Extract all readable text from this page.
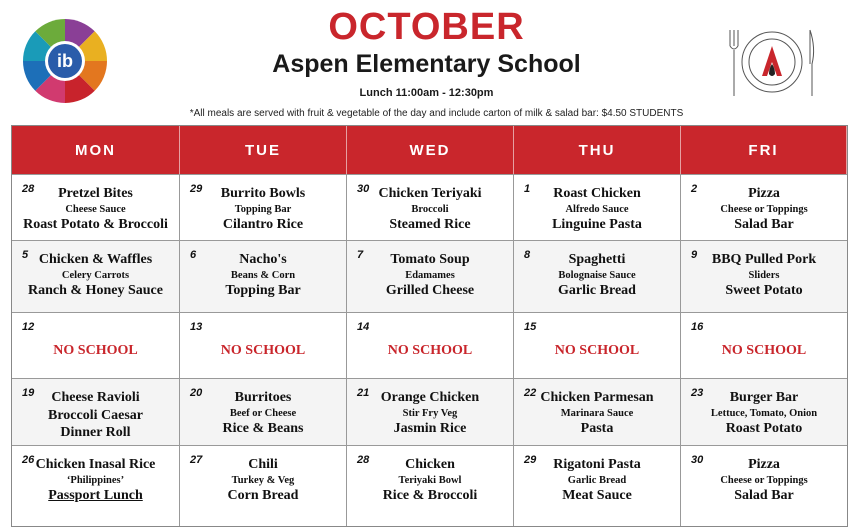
ib
OCTOBER
Aspen Elementary School
Lunch 11:00am - 12:30pm
*All meals are served with fruit & vegetable of the day and include carton of milk & salad bar: $4.50 STUDENTS
MON	TUE	WED	THU	FRI
28	Pretzel Bites
Cheese Sauce
Roast Potato & Broccoli
29	Burrito Bowls
Topping Bar
Cilantro Rice
30 Chicken Teriyaki
Broccoli
Steamed Rice
1	Roast Chicken
Alfredo Sauce
Linguine Pasta
2	Pizza
Cheese or Toppings
Salad Bar
5 Chicken & Waffles
Celery Carrots
Ranch & Honey Sauce
6	Nacho's
Beans & Corn
Topping Bar
7	Tomato Soup
Edamames
Grilled Cheese
8	Spaghetti
Bolognaise Sauce
Garlic Bread
9	BBQ Pulled Pork
Sliders
Sweet Potato
12
NO SCHOOL
13
NO SCHOOL
14
NO SCHOOL
15
NO SCHOOL
16
NO SCHOOL
19	Cheese Ravioli
Broccoli Caesar
Dinner Roll
20	Burritoes
Beef or Cheese
Rice & Beans
21 Orange Chicken
Stir Fry Veg
Jasmin Rice
22 Chicken Parmesan
Marinara Sauce
Pasta
23	Burger Bar
Lettuce, Tomato, Onion
Roast Potato
26 Chicken Inasal Rice
‘Philippines’
Passport Lunch
27	Chili
Turkey & Veg
Corn Bread
28	Chicken
Teriyaki Bowl
Rice & Broccoli
29	Rigatoni Pasta
Garlic Bread
Meat Sauce
30	Pizza
Cheese or Toppings
Salad Bar
